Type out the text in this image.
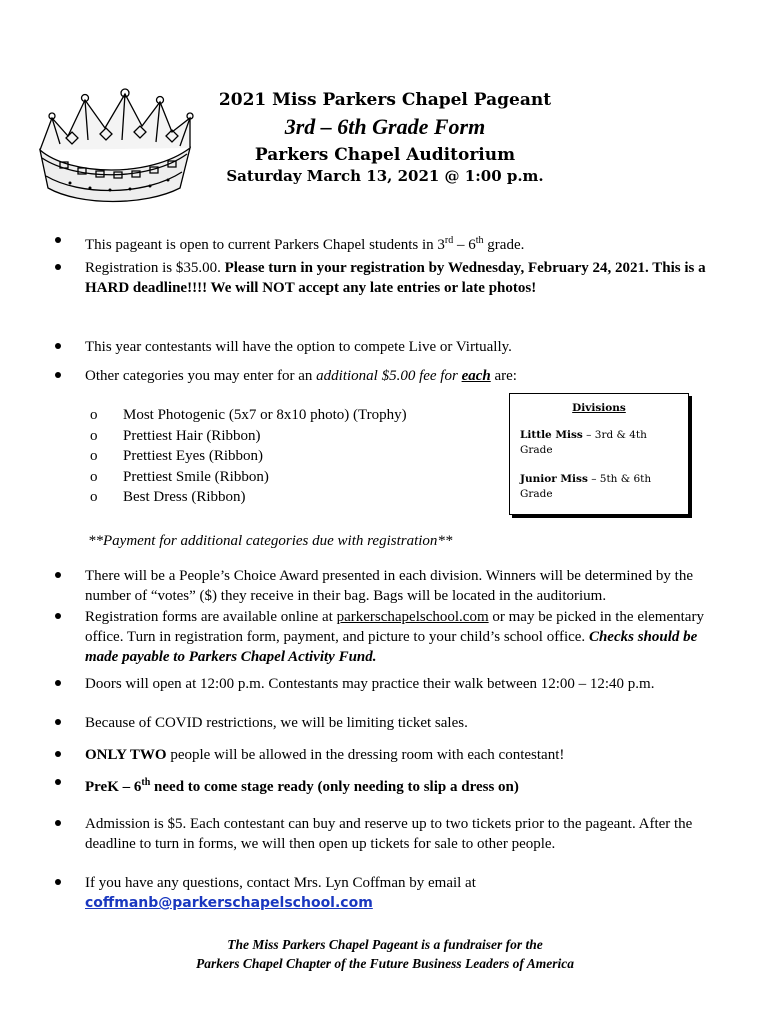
2021 Miss Parkers Chapel Pageant
3rd – 6th Grade Form
Parkers Chapel Auditorium
Saturday March 13, 2021 @ 1:00 p.m.
This pageant is open to current Parkers Chapel students in 3rd – 6th grade.
Registration is $35.00. Please turn in your registration by Wednesday, February 24, 2021. This is a HARD deadline!!!! We will NOT accept any late entries or late photos!
This year contestants will have the option to compete Live or Virtually.
Other categories you may enter for an additional $5.00 fee for each are:
o Most Photogenic (5x7 or 8x10 photo) (Trophy)
o Prettiest Hair (Ribbon)
o Prettiest Eyes (Ribbon)
o Prettiest Smile (Ribbon)
o Best Dress (Ribbon)
Divisions
Little Miss – 3rd & 4th Grade
Junior Miss – 5th & 6th Grade
**Payment for additional categories due with registration**
There will be a People’s Choice Award presented in each division. Winners will be determined by the number of “votes” ($) they receive in their bag. Bags will be located in the auditorium.
Registration forms are available online at parkerschapelschool.com or may be picked in the elementary office. Turn in registration form, payment, and picture to your child’s school office. Checks should be made payable to Parkers Chapel Activity Fund.
Doors will open at 12:00 p.m. Contestants may practice their walk between 12:00 – 12:40 p.m.
Because of COVID restrictions, we will be limiting ticket sales.
ONLY TWO people will be allowed in the dressing room with each contestant!
PreK – 6th need to come stage ready (only needing to slip a dress on)
Admission is $5. Each contestant can buy and reserve up to two tickets prior to the pageant. After the deadline to turn in forms, we will then open up tickets for sale to other people.
If you have any questions, contact Mrs. Lyn Coffman by email at
coffmanb@parkerschapelschool.com
The Miss Parkers Chapel Pageant is a fundraiser for the
Parkers Chapel Chapter of the Future Business Leaders of America
